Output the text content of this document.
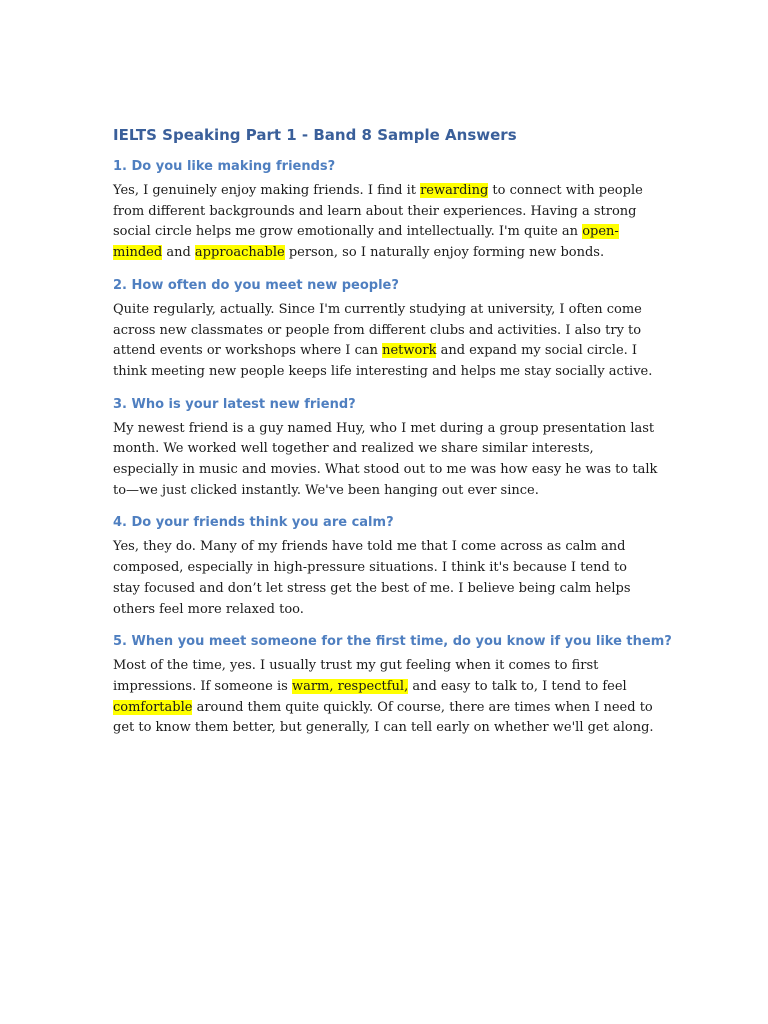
IELTS Speaking Part 1 - Band 8 Sample Answers
1. Do you like making friends?

Yes, I genuinely enjoy making friends. I find it rewarding to connect with people from different backgrounds and learn about their experiences. Having a strong social circle helps me grow emotionally and intellectually. I'm quite an open-minded and approachable person, so I naturally enjoy forming new bonds.

2. How often do you meet new people?

Quite regularly, actually. Since I'm currently studying at university, I often come across new classmates or people from different clubs and activities. I also try to attend events or workshops where I can network and expand my social circle. I think meeting new people keeps life interesting and helps me stay socially active.

3. Who is your latest new friend?

My newest friend is a guy named Huy, who I met during a group presentation last month. We worked well together and realized we share similar interests, especially in music and movies. What stood out to me was how easy he was to talk to—we just clicked instantly. We've been hanging out ever since.

4. Do your friends think you are calm?

Yes, they do. Many of my friends have told me that I come across as calm and composed, especially in high-pressure situations. I think it's because I tend to stay focused and don’t let stress get the best of me. I believe being calm helps others feel more relaxed too.

5. When you meet someone for the first time, do you know if you like them?

Most of the time, yes. I usually trust my gut feeling when it comes to first impressions. If someone is warm, respectful, and easy to talk to, I tend to feel comfortable around them quite quickly. Of course, there are times when I need to get to know them better, but generally, I can tell early on whether we'll get along.
